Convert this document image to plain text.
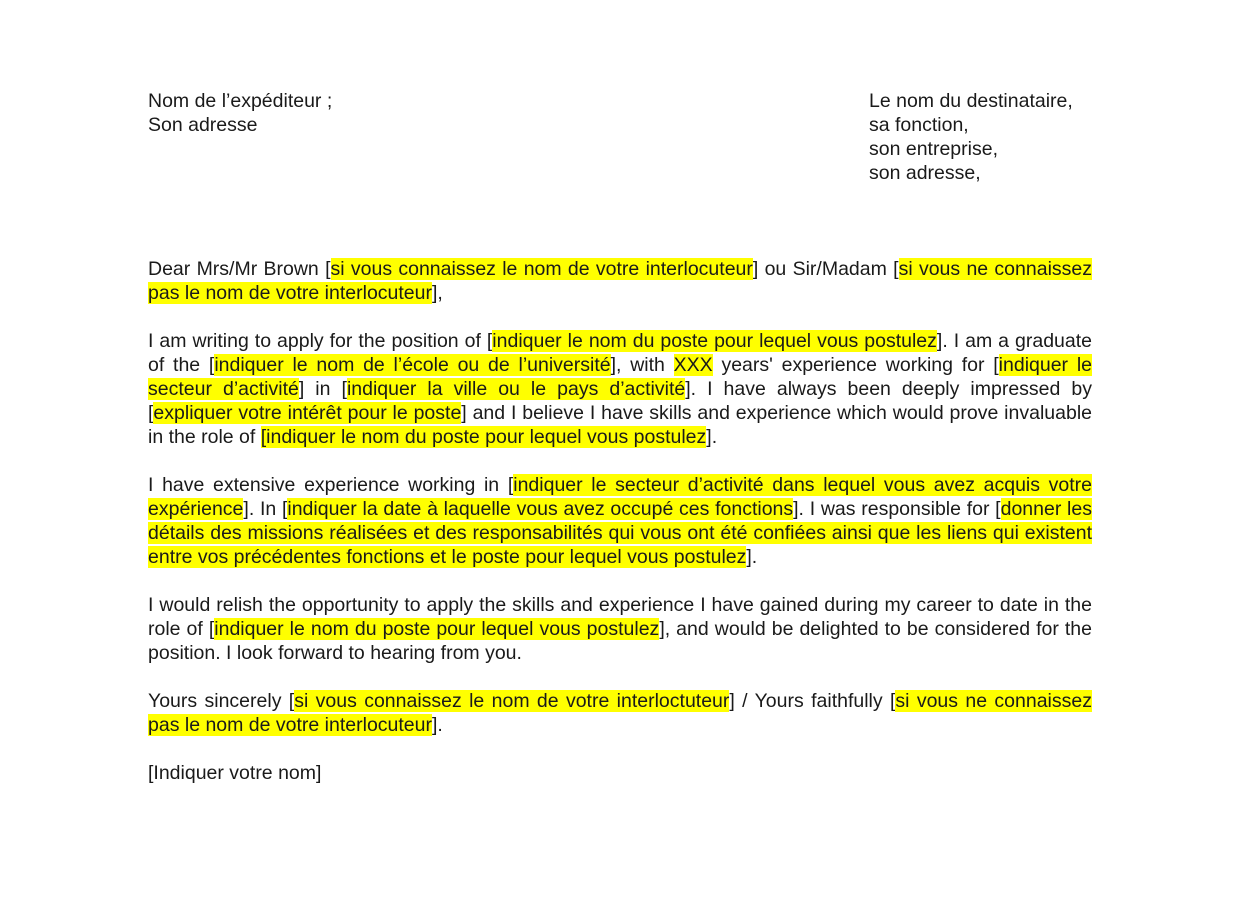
Nom de l’expéditeur ;
Son adresse
Le nom du destinataire,
sa fonction,
son entreprise,
son adresse,

Dear Mrs/Mr Brown [si vous connaissez le nom de votre interlocuteur] ou Sir/Madam [si vous ne connaissez pas le nom de votre interlocuteur],

I am writing to apply for the position of [indiquer le nom du poste pour lequel vous postulez]. I am a graduate of the [indiquer le nom de l’école ou de l’université], with XXX years' experience working for [indiquer le secteur d’activité] in [indiquer la ville ou le pays d’activité]. I have always been deeply impressed by [expliquer votre intérêt pour le poste] and I believe I have skills and experience which would prove invaluable in the role of [indiquer le nom du poste pour lequel vous postulez].

I have extensive experience working in [indiquer le secteur d’activité dans lequel vous avez acquis votre expérience]. In [indiquer la date à laquelle vous avez occupé ces fonctions]. I was responsible for [donner les détails des missions réalisées et des responsabilités qui vous ont été confiées ainsi que les liens qui existent entre vos précédentes fonctions et le poste pour lequel vous postulez].

I would relish the opportunity to apply the skills and experience I have gained during my career to date in the role of [indiquer le nom du poste pour lequel vous postulez], and would be delighted to be considered for the position. I look forward to hearing from you.

Yours sincerely [si vous connaissez le nom de votre interloctuteur] / Yours faithfully [si vous ne connaissez pas le nom de votre interlocuteur].

[Indiquer votre nom]
